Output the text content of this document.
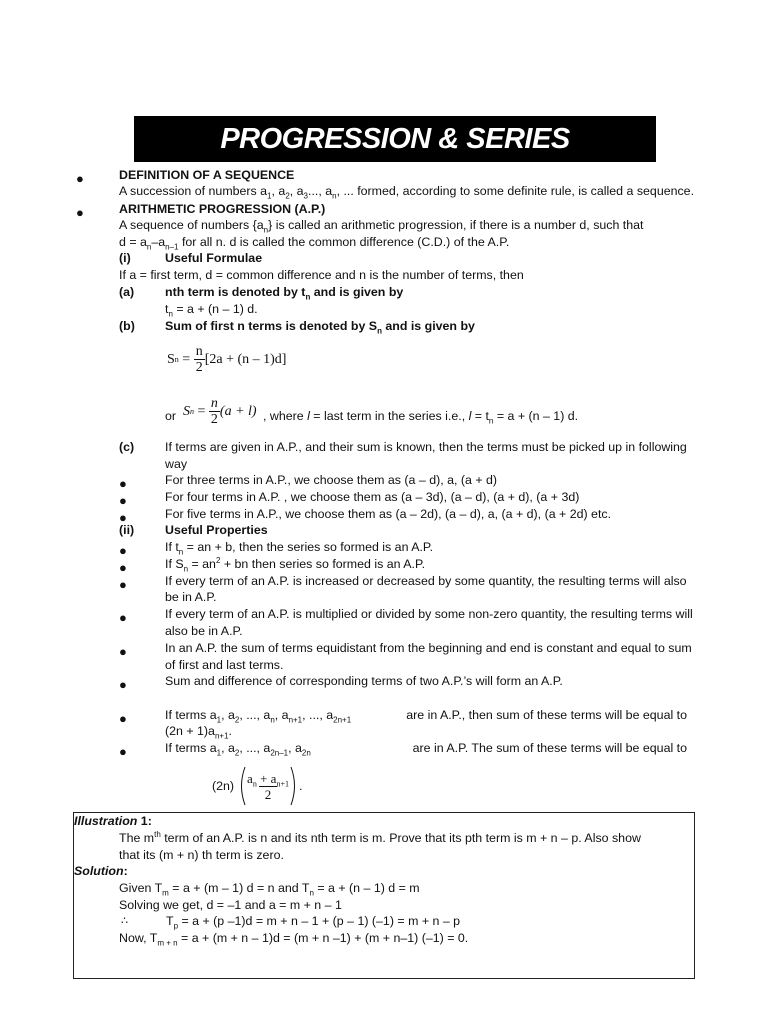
PROGRESSION & SERIES
●	DEFINITION OF A SEQUENCE
A succession of numbers $a_1$, $a_2$, $a_3$..., $a_n$, ... formed, according to some definite rule, is called a sequence.
●	ARITHMETIC PROGRESSION (A.P.)
A sequence of numbers $\{a_n\}$ is called an arithmetic progression, if there is a number d, such that
$d = a_n-a_{n-1}$ for all n. d is called the common difference (C.D.) of the A.P.
(i)	Useful Formulae
If a = first term, d = common difference and n is the number of terms, then
(a) nth term is denoted by $t_n$ and is given by
$t_n = a + (n - 1)$ d.
(b) Sum of first n terms is denoted by $S_n$ and is given by
S $n = \frac{n}{2} [2a + (n - 1)d]$
or S $n = \frac{n}{2} (a + l)$ , where l = last term in the series i.e., $l = t_n = a + (n - 1)$ d.
(c) If terms are given in A.P., and their sum is known, then the terms must be picked up in following
way
●	For three terms in A.P., we choose them as (a – d), a, (a + d)
●	For four terms in A.P. , we choose them as (a – 3d), (a – d), (a + d), (a + 3d)
●	For five terms in A.P., we choose them as (a – 2d), (a – d), a, (a + d), (a + 2d) etc.
(ii) Useful Properties
●	If $t_n$ = an + b, then the series so formed is an A.P.
●	If $S_n = an^2$ + bn then series so formed is an A.P.
●	If every term of an A.P. is increased or decreased by some quantity, the resulting terms will also
be in A.P.
●	If every term of an A.P. is multiplied or divided by some non-zero quantity, the resulting terms will
also be in A.P.
●	In an A.P. the sum of terms equidistant from the beginning and end is constant and equal to sum
of first and last terms.
●	Sum and difference of corresponding terms of two A.P.’s will form an A.P.
●	If terms $a_1$, $a_2$, ..., $a_n$, $a_{n+1}$, ..., $a_{2n+1}$	are in A.P., then sum of these terms will be equal to
$(2n + 1)a_{n+1}$.
●	If terms $a_1$, $a_2$, ..., $a_{2n-1}$, $a_{2n}$	are in A.P. The sum of these terms will be equal to
$(2n) \frac{a_n + a_{n+1}}{2}$ .
Illustration 1:
The $m^{th}$ term of an A.P. is n and its nth term is m. Prove that its pth term is m + n – p. Also show
that its (m + n) th term is zero.
Solution:
Given $T_m = a + (m - 1) d = n$ and $T_n = a + (n - 1) d = m$
Solving we get, d = –1 and a = m + n – 1
∴	$T_p = a + (p$ –1)d = m + n – 1 + (p – 1) (–1) = m + n – p
Now, $T_{m + n} = a + (m + n - 1)d = (m + n$ –1) + (m + n–1) (–1) = 0.
